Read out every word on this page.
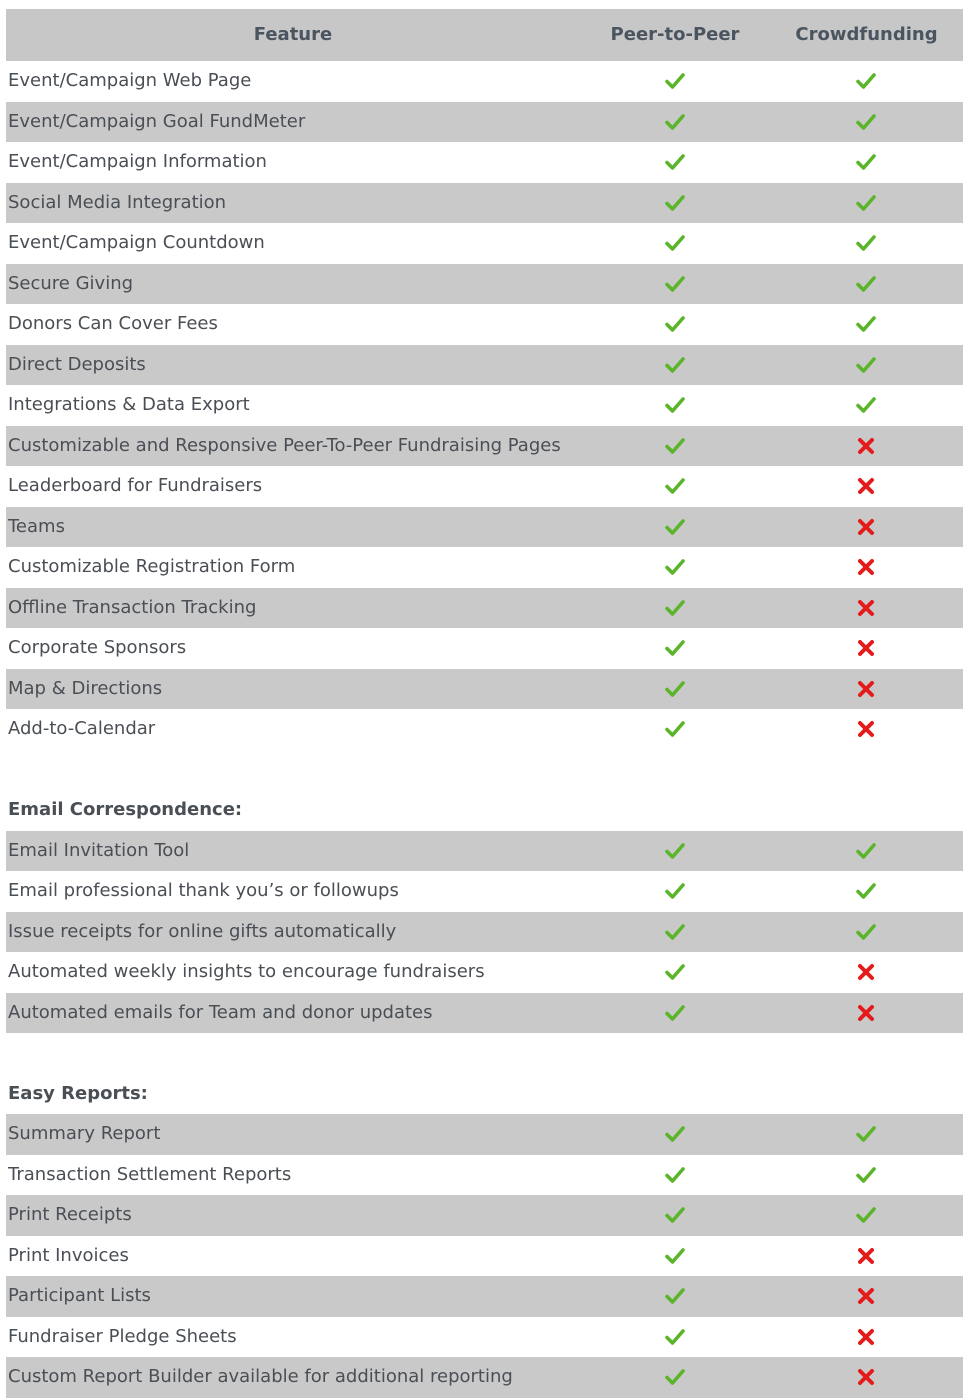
Feature	Peer-to-Peer	Crowdfunding
Event/Campaign Web Page
Event/Campaign Goal FundMeter
Event/Campaign Information
Social Media Integration
Event/Campaign Countdown
Secure Giving
Donors Can Cover Fees
Direct Deposits
Integrations & Data Export
Customizable and Responsive Peer-To-Peer Fundraising Pages
Leaderboard for Fundraisers
Teams
Customizable Registration Form
Offline Transaction Tracking
Corporate Sponsors
Map & Directions
Add-to-Calendar
Email Correspondence:
Email Invitation Tool
Email professional thank you’s or followups
Issue receipts for online gifts automatically
Automated weekly insights to encourage fundraisers
Automated emails for Team and donor updates
Easy Reports:
Summary Report
Transaction Settlement Reports
Print Receipts
Print Invoices
Participant Lists
Fundraiser Pledge Sheets
Custom Report Builder available for additional reporting
